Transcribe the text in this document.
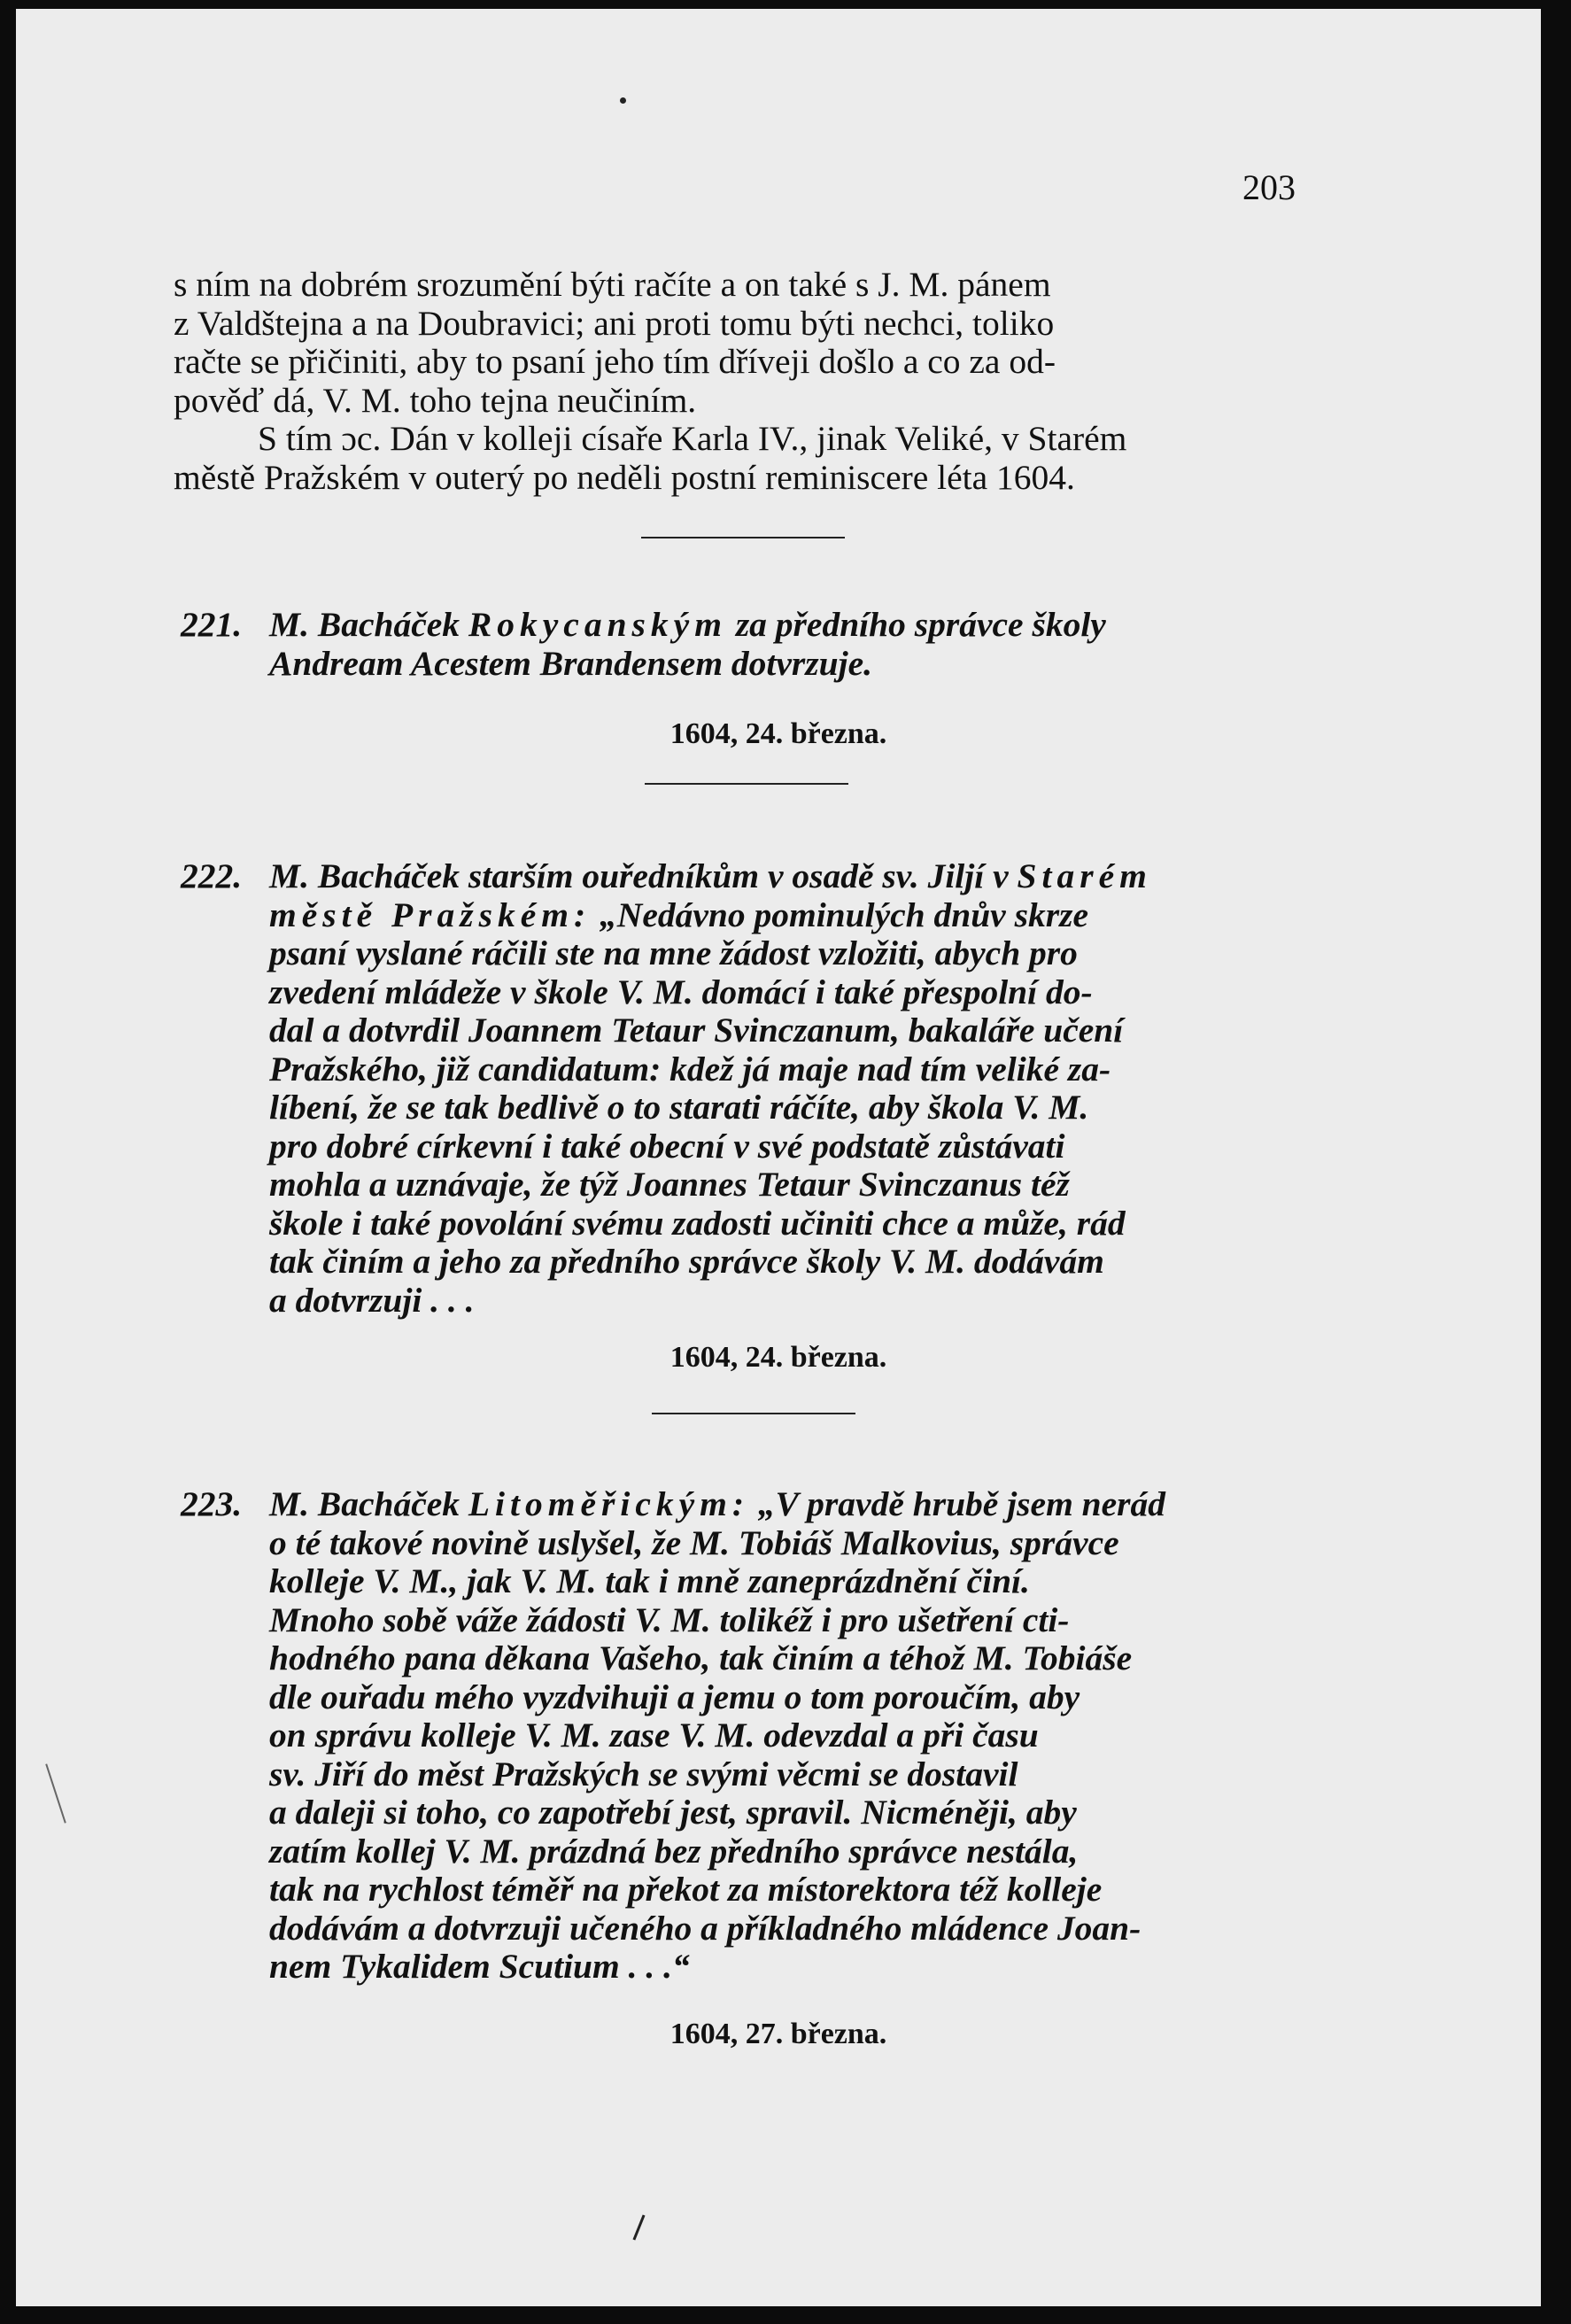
203
s ním na dobrém srozumění býti račíte a on také s J. M. pánem
z Valdštejna a na Doubravici; ani proti tomu býti nechci, toliko
račte se přičiniti, aby to psaní jeho tím dříveji došlo a co za od-
pověď dá, V. M. toho tejna neučiním.
S tím ɔc. Dán v kolleji císaře Karla IV., jinak Veliké, v Starém
městě Pražském v outerý po neděli postní reminiscere léta 1604.
221. M. Bacháček Rokycanským za předního správce školy
Andream Acestem Brandensem dotvrzuje.
1604, 24. března.
222. M. Bacháček starším ouředníkům v osadě sv. Jiljí v Starém
městě Pražském: „Nedávno pominulých dnův skrze
psaní vyslané ráčili ste na mne žádost vzložiti, abych pro
zvedení mládeže v škole V. M. domácí i také přespolní do-
dal a dotvrdil Joannem Tetaur Svinczanum, bakaláře učení
Pražského, již candidatum: kdež já maje nad tím veliké za-
líbení, že se tak bedlivě o to starati ráčíte, aby škola V. M.
pro dobré církevní i také obecní v své podstatě zůstávati
mohla a uznávaje, že týž Joannes Tetaur Svinczanus též
škole i také povolání svému zadosti učiniti chce a může, rád
tak činím a jeho za předního správce školy V. M. dodávám
a dotvrzuji . . .
1604, 24. března.
223. M. Bacháček Litoměřickým: „V pravdě hrubě jsem nerád
o té takové novině uslyšel, že M. Tobiáš Malkovius, správce
kolleje V. M., jak V. M. tak i mně zaneprázdnění činí.
Mnoho sobě váže žádosti V. M. tolikéž i pro ušetření cti-
hodného pana děkana Vašeho, tak činím a téhož M. Tobiáše
dle ouřadu mého vyzdvihuji a jemu o tom poroučím, aby
on správu kolleje V. M. zase V. M. odevzdal a při času
sv. Jiří do měst Pražských se svými věcmi se dostavil
a daleji si toho, co zapotřebí jest, spravil. Nicméněji, aby
zatím kollej V. M. prázdná bez předního správce nestála,
tak na rychlost téměř na překot za místorektora též kolleje
dodávám a dotvrzuji učeného a příkladného mládence Joan-
nem Tykalidem Scutium . . .“
1604, 27. března.
